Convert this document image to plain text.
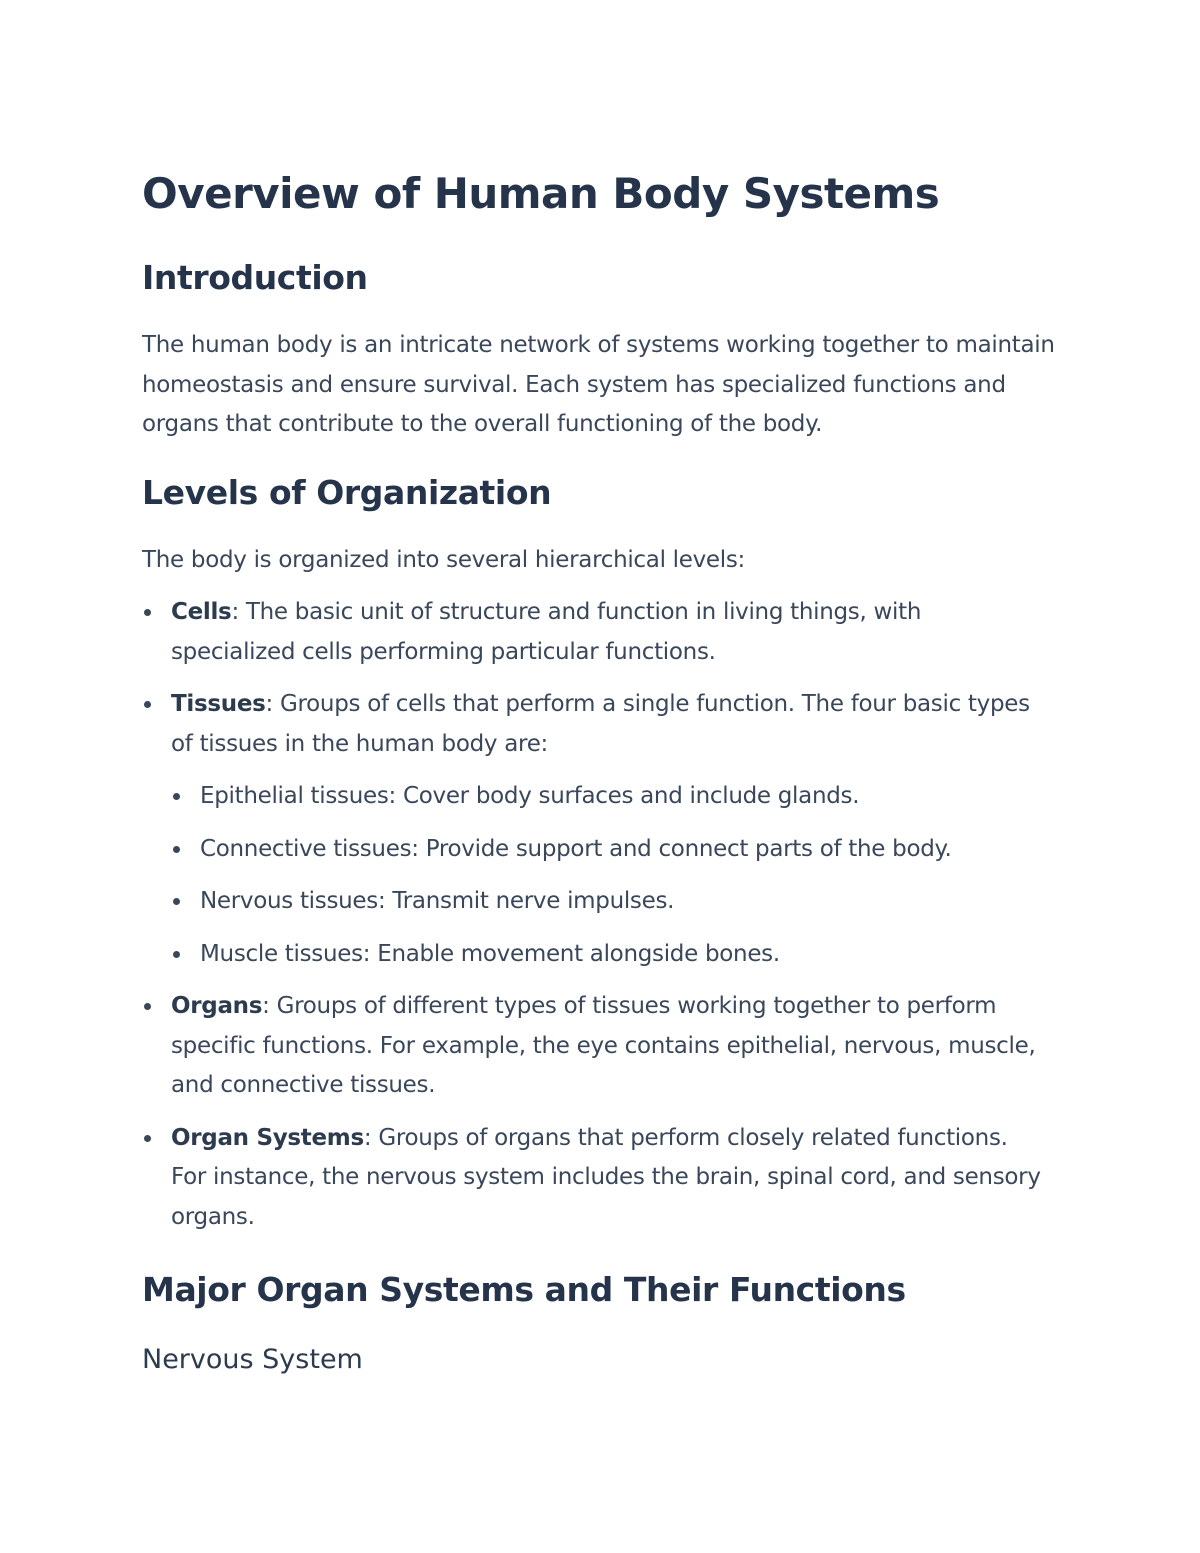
Overview of Human Body Systems
Introduction

The human body is an intricate network of systems working together to maintain homeostasis and ensure survival. Each system has specialized functions and organs that contribute to the overall functioning of the body.

Levels of Organization

The body is organized into several hierarchical levels:

Cells: The basic unit of structure and function in living things, with specialized cells performing particular functions.
Tissues: Groups of cells that perform a single function. The four basic types of tissues in the human body are:
Epithelial tissues: Cover body surfaces and include glands.
Connective tissues: Provide support and connect parts of the body.
Nervous tissues: Transmit nerve impulses.
Muscle tissues: Enable movement alongside bones.
Organs: Groups of different types of tissues working together to perform specific functions. For example, the eye contains epithelial, nervous, muscle, and connective tissues.
Organ Systems: Groups of organs that perform closely related functions. For instance, the nervous system includes the brain, spinal cord, and sensory organs.
Major Organ Systems and Their Functions
Nervous System
